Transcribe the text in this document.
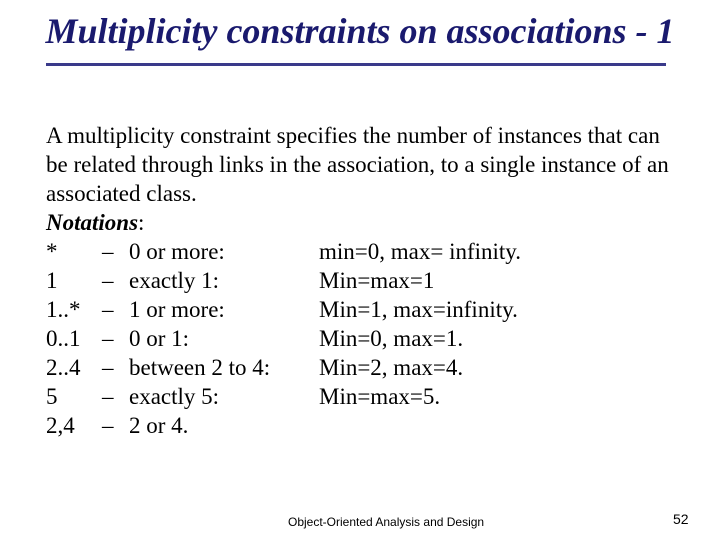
Multiplicity constraints on associations - 1

A multiplicity constraint specifies the number of instances that can be related through links in the association, to a single instance of an associated class.

Notations:

* – 0 or more:	min=0, max= infinity.
1 – exactly 1:	Min=max=1
1..* – 1 or more:	Min=1, max=infinity.
0..1 – 0 or 1:	Min=0, max=1.
2..4 – between 2 to 4: Min=2, max=4.
5 – exactly 5:	Min=max=5.
2,4 – 2 or 4.
Object-Oriented Analysis and Design	52
